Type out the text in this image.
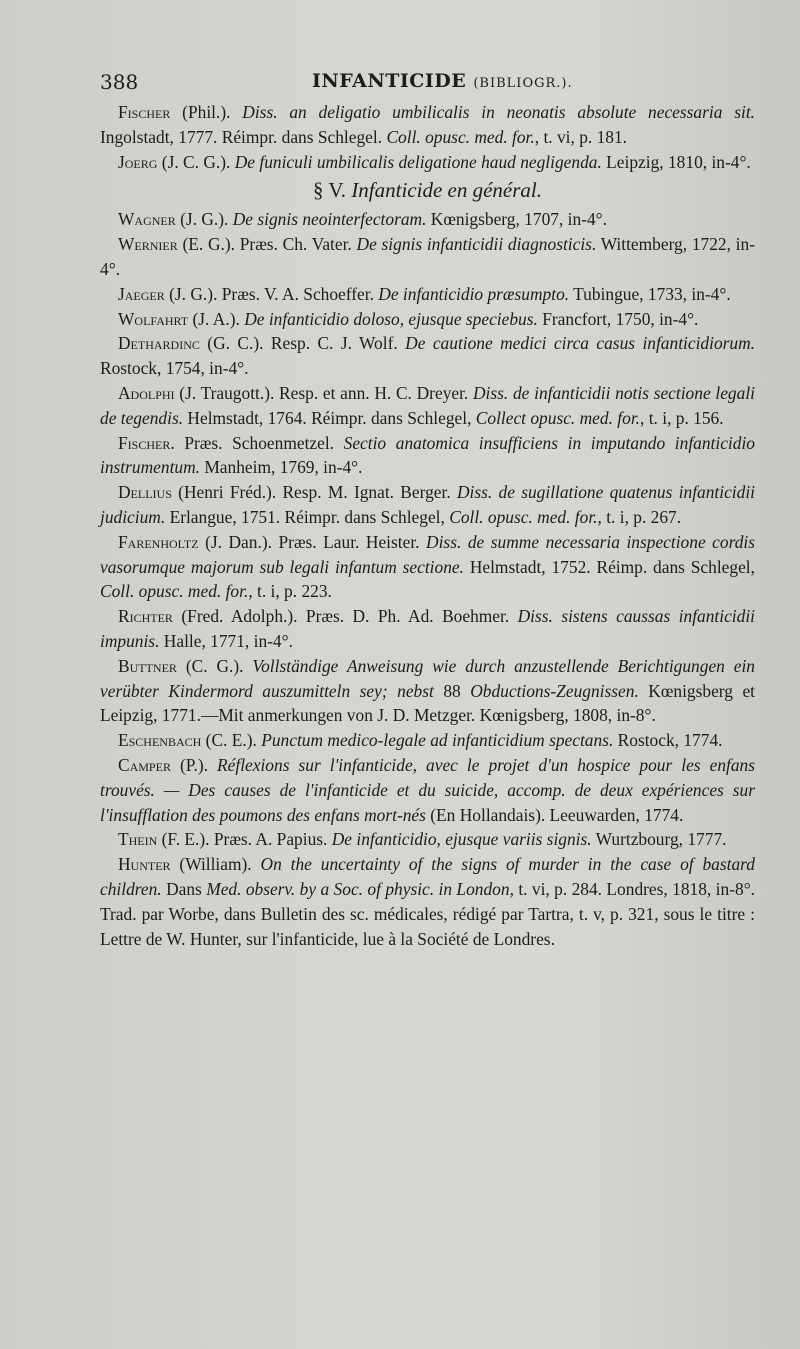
388	INFANTICIDE (BIBLIOGR.).

Fischer (Phil.). Diss. an deligatio umbilicalis in neonatis absolute necessaria sit. Ingolstadt, 1777. Réimpr. dans Schlegel. Coll. opusc. med. for., t. vi, p. 181.

Joerg (J. C. G.). De funiculi umbilicalis deligatione haud negligenda. Leipzig, 1810, in-4°.

§ V. Infanticide en général.

Wagner (J. G.). De signis neointerfectoram. Kœnigsberg, 1707, in-4°.

Wernier (E. G.). Præs. Ch. Vater. De signis infanticidii diagnosticis. Wittemberg, 1722, in-4°.

Jaeger (J. G.). Præs. V. A. Schoeffer. De infanticidio præsumpto. Tubingue, 1733, in-4°.

Wolfahrt (J. A.). De infanticidio doloso, ejusque speciebus. Francfort, 1750, in-4°.

Dethardinc (G. C.). Resp. C. J. Wolf. De cautione medici circa casus infanticidiorum. Rostock, 1754, in-4°.

Adolphi (J. Traugott.). Resp. et ann. H. C. Dreyer. Diss. de infanticidii notis sectione legali de tegendis. Helmstadt, 1764. Réimpr. dans Schlegel, Collect opusc. med. for., t. i, p. 156.

Fischer. Præs. Schoenmetzel. Sectio anatomica insufficiens in imputando infanticidio instrumentum. Manheim, 1769, in-4°.

Dellius (Henri Fréd.). Resp. M. Ignat. Berger. Diss. de sugillatione quatenus infanticidii judicium. Erlangue, 1751. Réimpr. dans Schlegel, Coll. opusc. med. for., t. i, p. 267.

Farenholtz (J. Dan.). Præs. Laur. Heister. Diss. de summe necessaria inspectione cordis vasorumque majorum sub legali infantum sectione. Helmstadt, 1752. Réimp. dans Schlegel, Coll. opusc. med. for., t. i, p. 223.

Richter (Fred. Adolph.). Præs. D. Ph. Ad. Boehmer. Diss. sistens caussas infanticidii impunis. Halle, 1771, in-4°.

Buttner (C. G.). Vollständige Anweisung wie durch anzustellende Berichtigungen ein verübter Kindermord auszumitteln sey; nebst 88 Obductions-Zeugnissen. Kœnigsberg et Leipzig, 1771.—Mit anmerkungen von J. D. Metzger. Kœnigsberg, 1808, in-8°.

Eschenbach (C. E.). Punctum medico-legale ad infanticidium spectans. Rostock, 1774.

Camper (P.). Réflexions sur l'infanticide, avec le projet d'un hospice pour les enfans trouvés. — Des causes de l'infanticide et du suicide, accomp. de deux expériences sur l'insufflation des poumons des enfans mort-nés (En Hollandais). Leeuwarden, 1774.

Thein (F. E.). Præs. A. Papius. De infanticidio, ejusque variis signis. Wurtzbourg, 1777.

Hunter (William). On the uncertainty of the signs of murder in the case of bastard children. Dans Med. observ. by a Soc. of physic. in London, t. vi, p. 284. Londres, 1818, in-8°. Trad. par Worbe, dans Bulletin des sc. médicales, rédigé par Tartra, t. v, p. 321, sous le titre : Lettre de W. Hunter, sur l'infanticide, lue à la Société de Londres.
